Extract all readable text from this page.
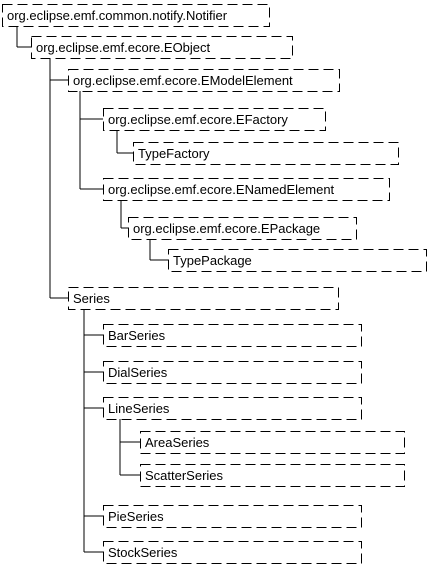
org.eclipse.emf.common.notify.Notifier
org.eclipse.emf.ecore.EObject
org.eclipse.emf.ecore.EModelElement
org.eclipse.emf.ecore.EFactory
TypeFactory
org.eclipse.emf.ecore.ENamedElement
org.eclipse.emf.ecore.EPackage
TypePackage
Series
BarSeries
DialSeries
LineSeries
AreaSeries
ScatterSeries
PieSeries
StockSeries
